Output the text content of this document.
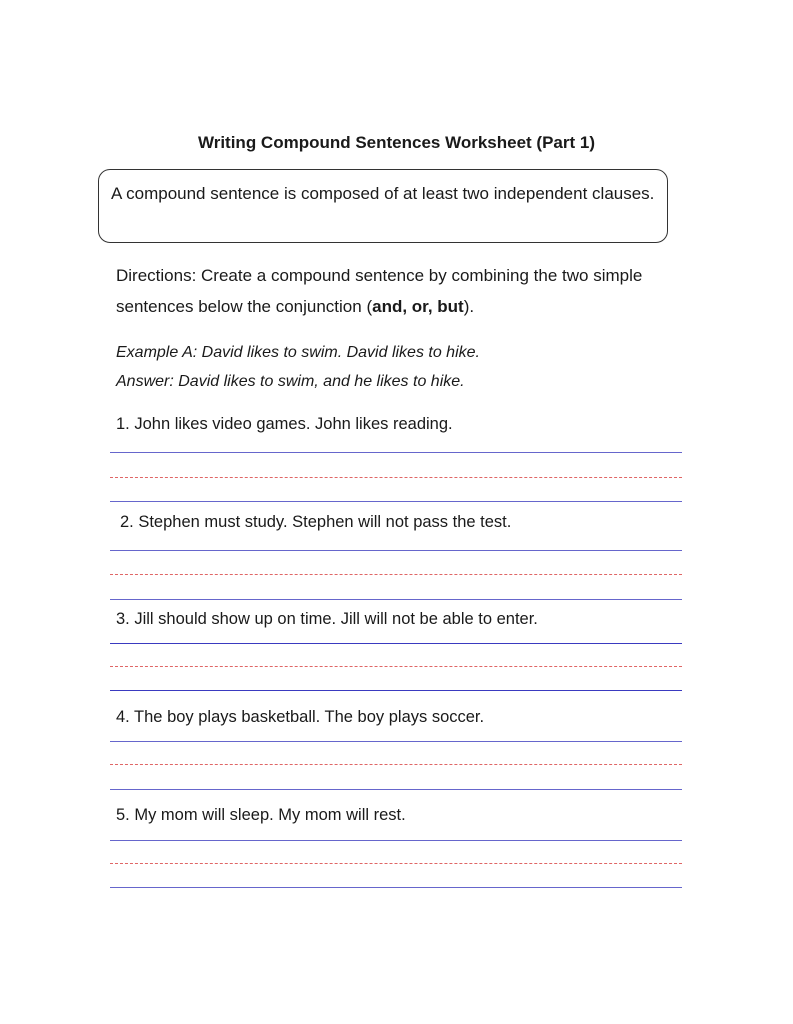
Writing Compound Sentences Worksheet (Part 1)
A compound sentence is composed of at least two independent clauses.
Directions: Create a compound sentence by combining the two simple sentences below the conjunction (and, or, but).
Example A: David likes to swim. David likes to hike.
Answer: David likes to swim, and he likes to hike.
1. John likes video games. John likes reading.
2. Stephen must study. Stephen will not pass the test.
3. Jill should show up on time. Jill will not be able to enter.
4. The boy plays basketball. The boy plays soccer.
5. My mom will sleep. My mom will rest.
